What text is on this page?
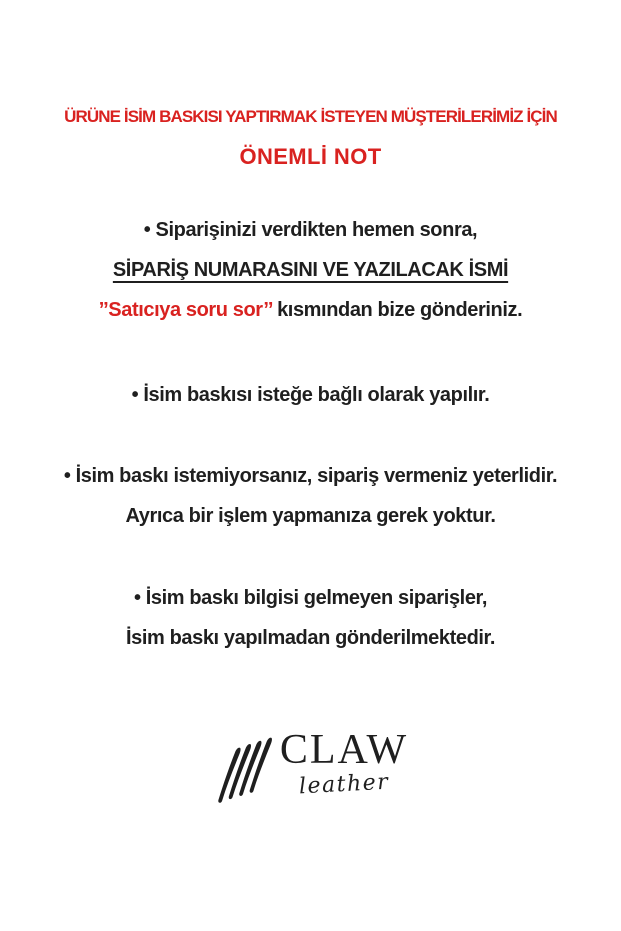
ÜRÜNE İSİM BASKISI YAPTIRMAK İSTEYEN MÜŞTERİLERİMİZ İÇİN
ÖNEMLİ NOT
• Siparişinizi verdikten hemen sonra,
SİPARİŞ NUMARASINI VE YAZILACAK İSMİ
’’Satıcıya soru sor’’ kısmından bize gönderiniz.
• İsim baskısı isteğe bağlı olarak yapılır.
• İsim baskı istemiyorsanız, sipariş vermeniz yeterlidir.
Ayrıca bir işlem yapmanıza gerek yoktur.
• İsim baskı bilgisi gelmeyen siparişler,
İsim baskı yapılmadan gönderilmektedir.
CLAW
leather
